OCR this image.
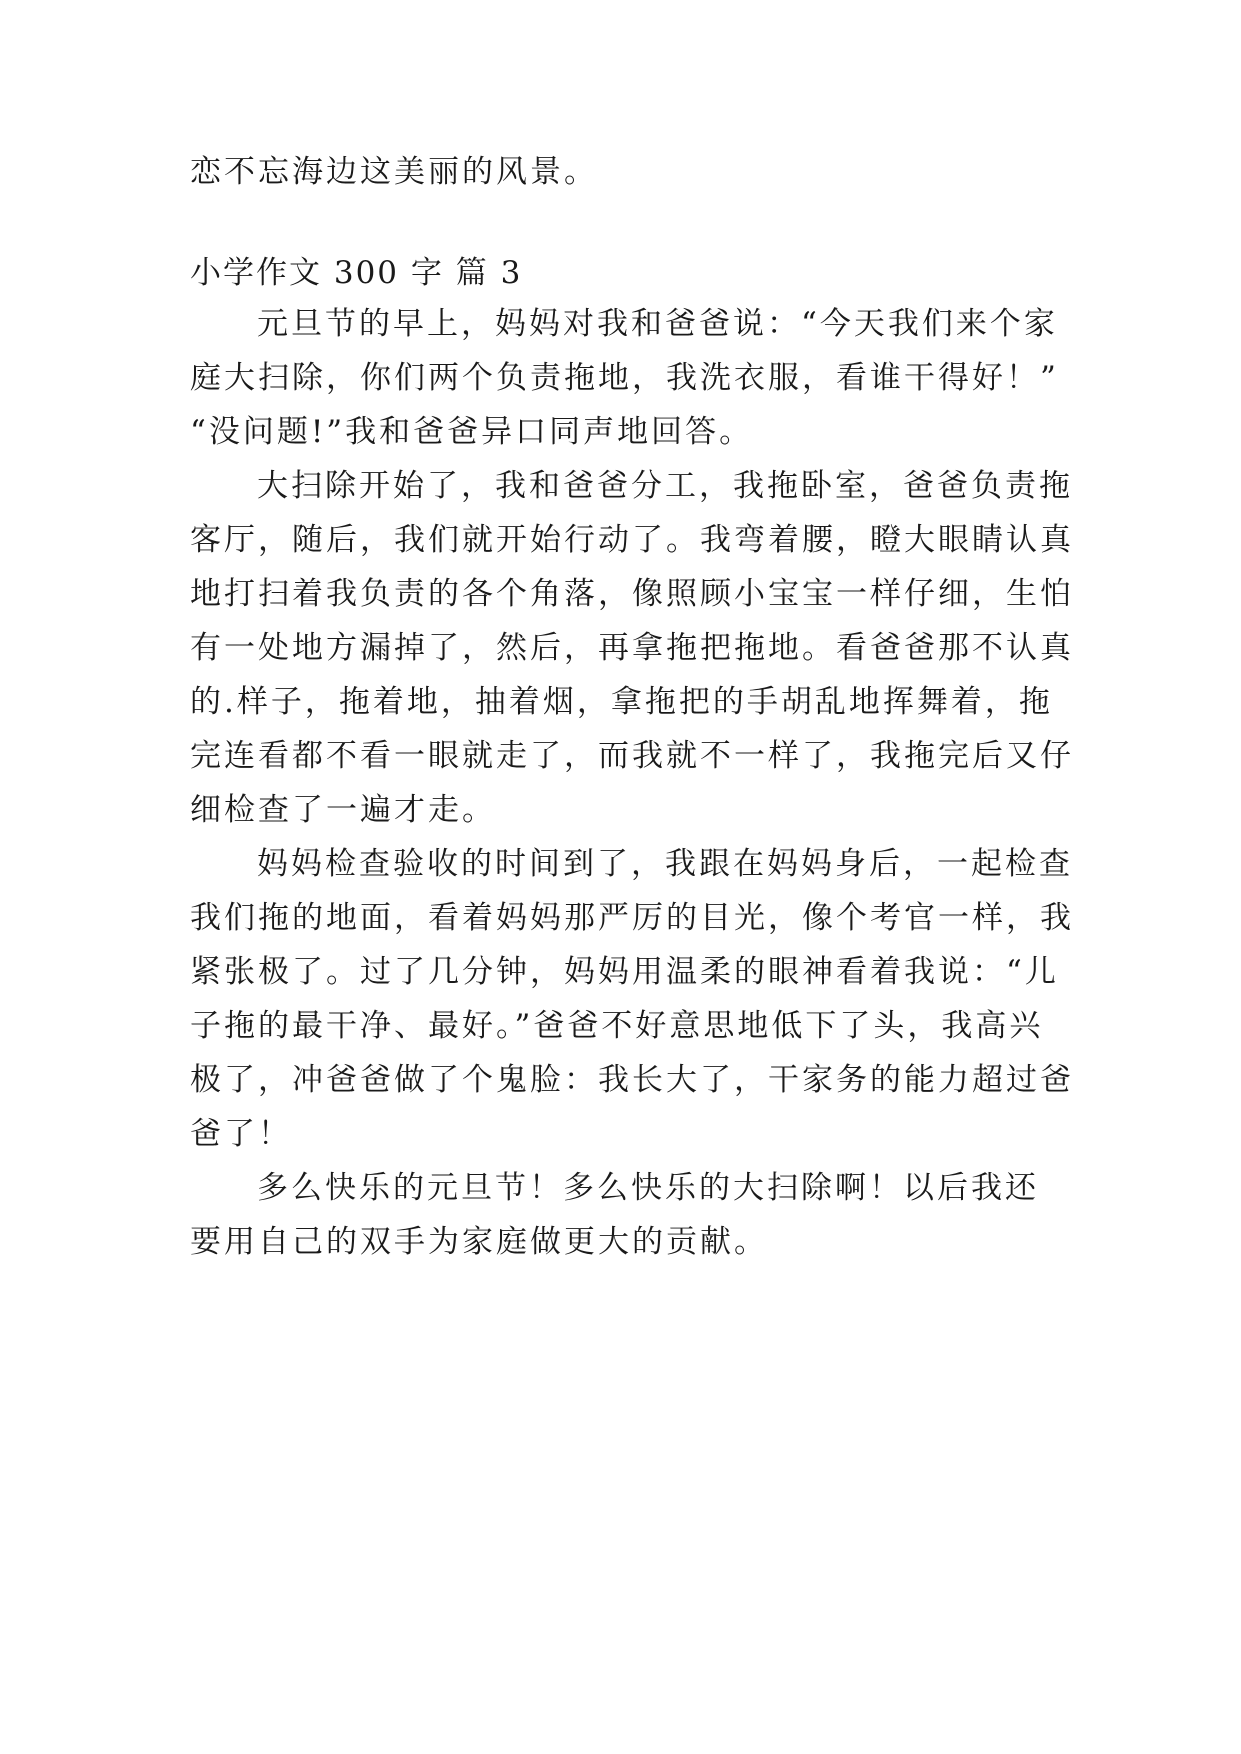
恋不忘海边这美丽的风景。
小学作文 300 字 篇 3
元旦节的早上，妈妈对我和爸爸说：“今天我们来个家
庭大扫除，你们两个负责拖地，我洗衣服，看谁干得好！”
“没问题!”我和爸爸异口同声地回答。
大扫除开始了，我和爸爸分工，我拖卧室，爸爸负责拖
客厅，随后，我们就开始行动了。我弯着腰，瞪大眼睛认真
地打扫着我负责的各个角落，像照顾小宝宝一样仔细，生怕
有一处地方漏掉了，然后，再拿拖把拖地。看爸爸那不认真
的.样子，拖着地，抽着烟，拿拖把的手胡乱地挥舞着，拖
完连看都不看一眼就走了，而我就不一样了，我拖完后又仔
细检查了一遍才走。
妈妈检查验收的时间到了，我跟在妈妈身后，一起检查
我们拖的地面，看着妈妈那严厉的目光，像个考官一样，我
紧张极了。过了几分钟，妈妈用温柔的眼神看着我说：“儿
子拖的最干净、最好。”爸爸不好意思地低下了头，我高兴
极了，冲爸爸做了个鬼脸：我长大了，干家务的能力超过爸
爸了！
多么快乐的元旦节！多么快乐的大扫除啊！以后我还
要用自己的双手为家庭做更大的贡献。
